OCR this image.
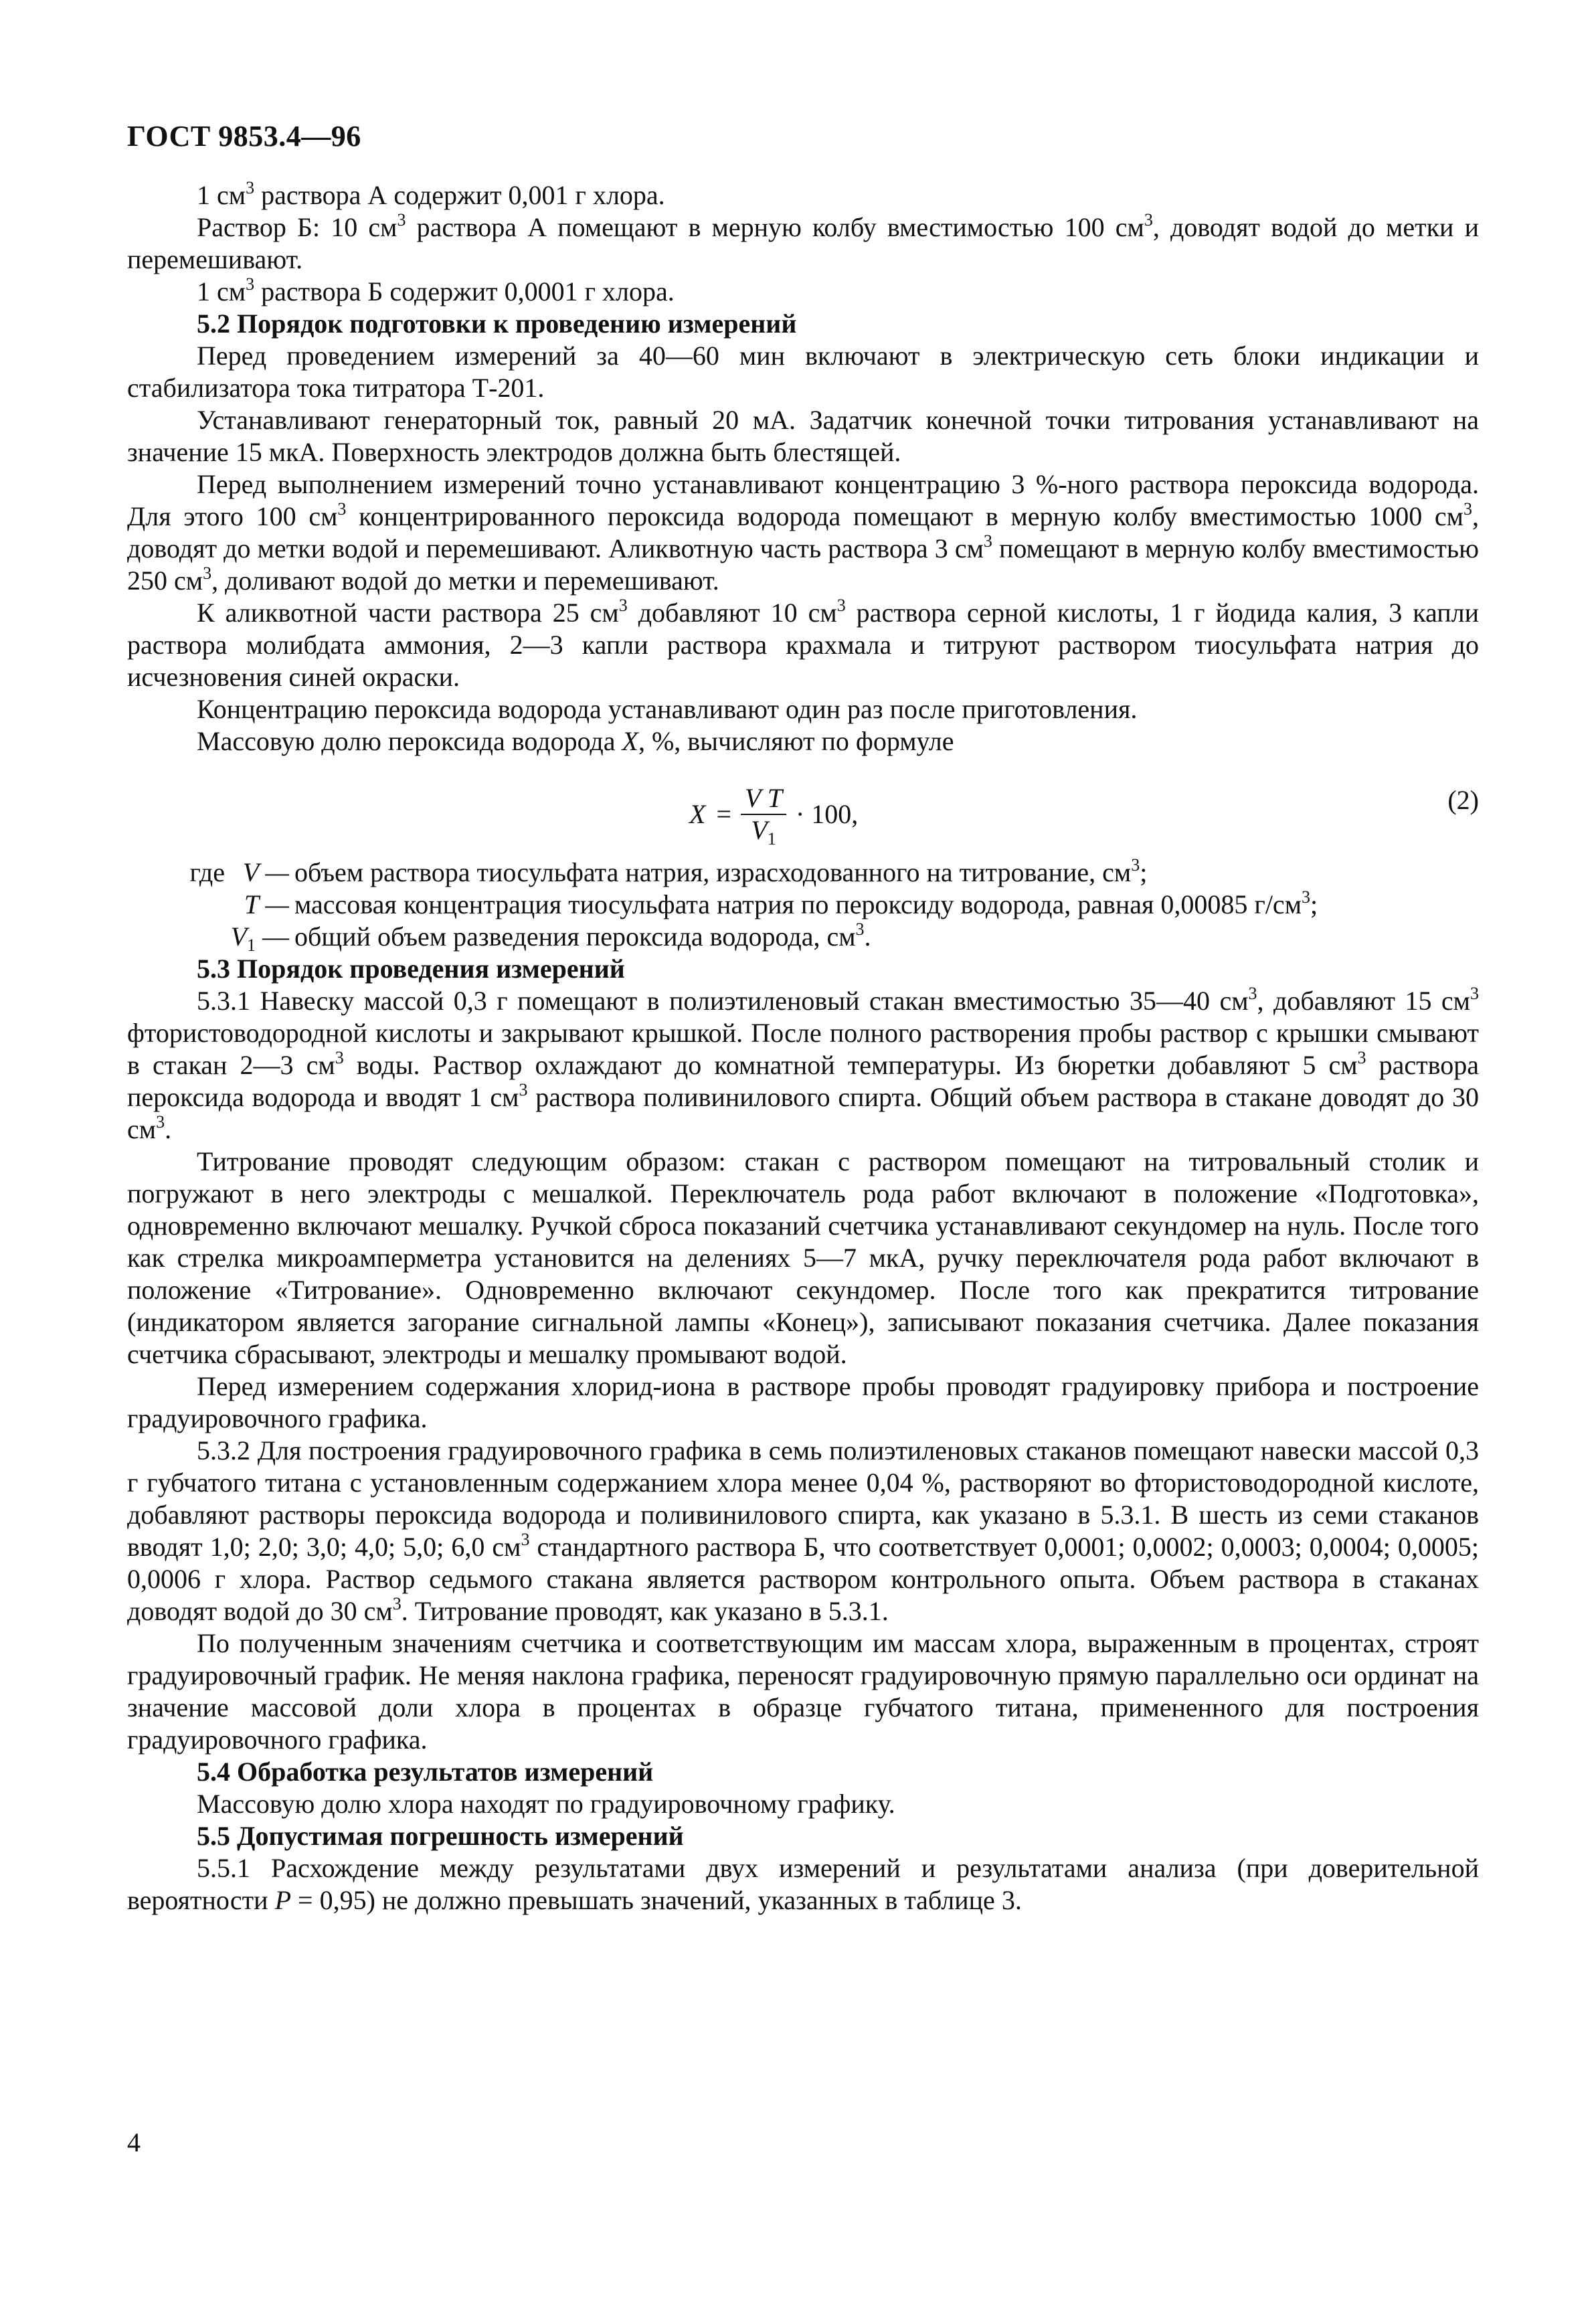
ГОСТ 9853.4—96

1 $см^3$ раствора А содержит 0,001 г хлора.

Раствор Б: 10 $см^3$ раствора А помещают в мерную колбу вместимостью 100 $см^3$, доводят водой до метки и перемешивают.

1 $см^3$ раствора Б содержит 0,0001 г хлора.

5.2 Порядок подготовки к проведению измерений

Перед проведением измерений за 40—60 мин включают в электрическую сеть блоки индикации и стабилизатора тока титратора Т-201.

Устанавливают генераторный ток, равный 20 мА. Задатчик конечной точки титрования устанавливают на значение 15 мкА. Поверхность электродов должна быть блестящей.

Перед выполнением измерений точно устанавливают концентрацию 3 %-ного раствора пероксида водорода. Для этого 100 $см^3$ концентрированного пероксида водорода помещают в мерную колбу вместимостью 1000 $см^3$, доводят до метки водой и перемешивают. Аликвотную часть раствора 3 $см^3$ помещают в мерную колбу вместимостью 250 $см^3$, доливают водой до метки и перемешивают.

К аликвотной части раствора 25 $см^3$ добавляют 10 $см^3$ раствора серной кислоты, 1 г йодида калия, 3 капли раствора молибдата аммония, 2—3 капли раствора крахмала и титруют раствором тиосульфата натрия до исчезновения синей окраски.

Концентрацию пероксида водорода устанавливают один раз после приготовления.

Массовую долю пероксида водорода X, %, вычисляют по формуле

$X = \frac{\text{V T}}{V_1} \cdot 100$,	(2)
где V — объем раствора тиосульфата натрия, израсходованного на титрование, $см^3$;
T — массовая концентрация тиосульфата натрия по пероксиду водорода, равная 0,00085 $г/см^3$;
$V_1$ — общий объем разведения пероксида водорода, $см^3$.

5.3 Порядок проведения измерений

5.3.1 Навеску массой 0,3 г помещают в полиэтиленовый стакан вместимостью 35—40 $см^3$, добавляют 15 $см^3$ фтористоводородной кислоты и закрывают крышкой. После полного растворения пробы раствор с крышки смывают в стакан 2—3 $см^3$ воды. Раствор охлаждают до комнатной температуры. Из бюретки добавляют 5 $см^3$ раствора пероксида водорода и вводят 1 $см^3$ раствора поливинилового спирта. Общий объем раствора в стакане доводят до 30 $см^3$.

Титрование проводят следующим образом: стакан с раствором помещают на титровальный столик и погружают в него электроды с мешалкой. Переключатель рода работ включают в положение «Подготовка», одновременно включают мешалку. Ручкой сброса показаний счетчика устанавливают секундомер на нуль. После того как стрелка микроамперметра установится на делениях 5—7 мкА, ручку переключателя рода работ включают в положение «Титрование». Одновременно включают секундомер. После того как прекратится титрование (индикатором является загорание сигнальной лампы «Конец»), записывают показания счетчика. Далее показания счетчика сбрасывают, электроды и мешалку промывают водой.

Перед измерением содержания хлорид-иона в растворе пробы проводят градуировку прибора и построение градуировочного графика.

5.3.2 Для построения градуировочного графика в семь полиэтиленовых стаканов помещают навески массой 0,3 г губчатого титана с установленным содержанием хлора менее 0,04 %, растворяют во фтористоводородной кислоте, добавляют растворы пероксида водорода и поливинилового спирта, как указано в 5.3.1. В шесть из семи стаканов вводят 1,0; 2,0; 3,0; 4,0; 5,0; 6,0 $см^3$ стандартного раствора Б, что соответствует 0,0001; 0,0002; 0,0003; 0,0004; 0,0005; 0,0006 г хлора. Раствор седьмого стакана является раствором контрольного опыта. Объем раствора в стаканах доводят водой до 30 $см^3$. Титрование проводят, как указано в 5.3.1.

По полученным значениям счетчика и соответствующим им массам хлора, выраженным в процентах, строят градуировочный график. Не меняя наклона графика, переносят градуировочную прямую параллельно оси ординат на значение массовой доли хлора в процентах в образце губчатого титана, примененного для построения градуировочного графика.

5.4 Обработка результатов измерений

Массовую долю хлора находят по градуировочному графику.

5.5 Допустимая погрешность измерений

5.5.1 Расхождение между результатами двух измерений и результатами анализа (при доверительной вероятности P = 0,95) не должно превышать значений, указанных в таблице 3.

4
